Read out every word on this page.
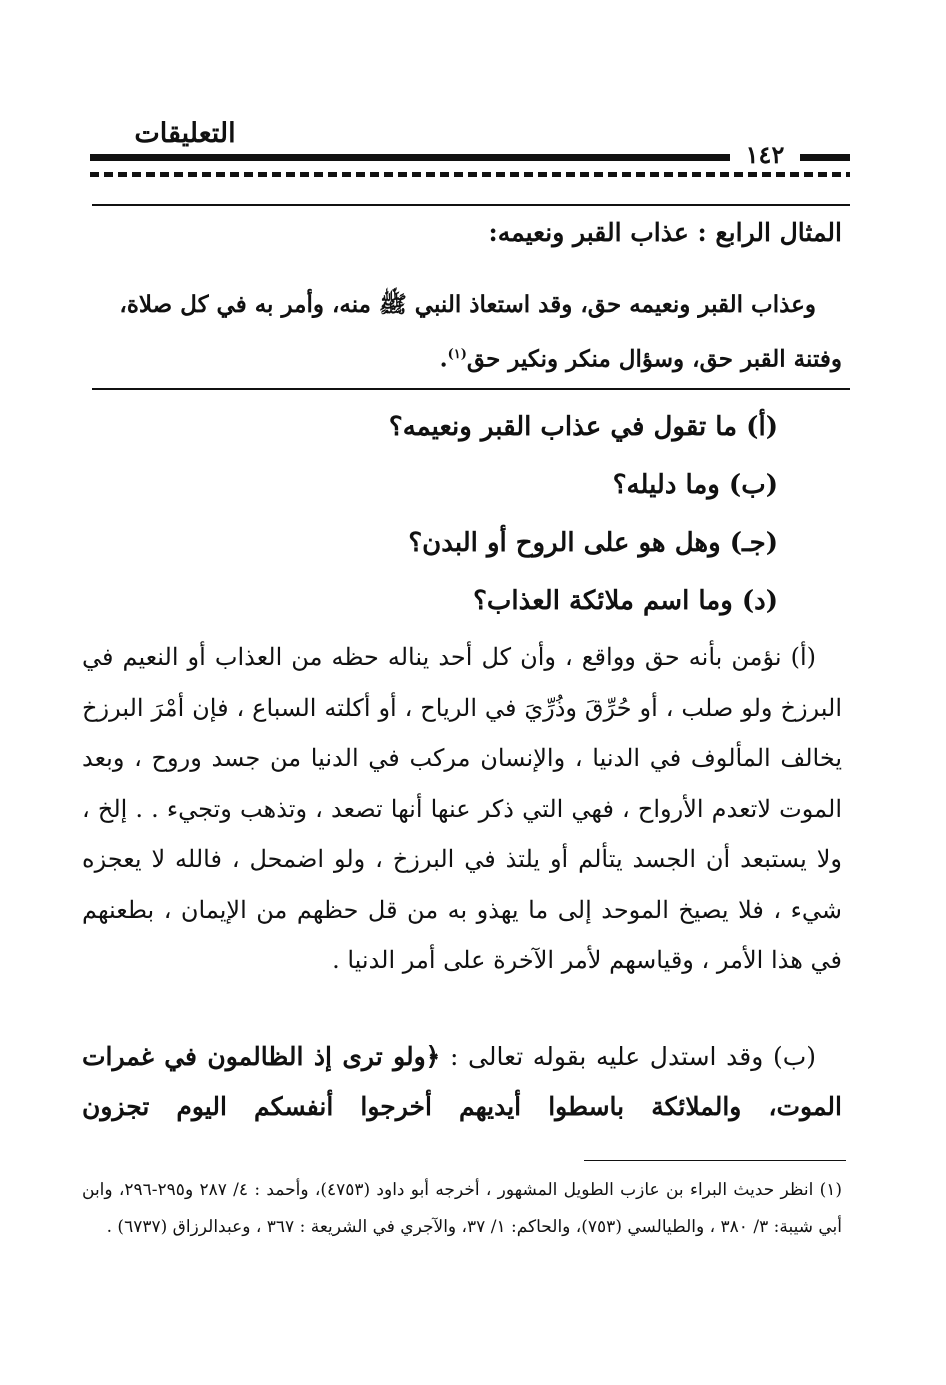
التعليقات
١٤٢
المثال الرابع : عذاب القبر ونعيمه:
وعذاب القبر ونعيمه حق، وقد استعاذ النبي ﷺ منه، وأمر به في كل صلاة،
وفتنة القبر حق، وسؤال منكر ونكير حق$^{(١)}$.
(أ) ما تقول في عذاب القبر ونعيمه؟
(ب) وما دليله؟
(جـ) وهل هو على الروح أو البدن؟
(د) وما اسم ملائكة العذاب؟
(أ) نؤمن بأنه حق وواقع ، وأن كل أحد يناله حظه من العذاب أو النعيم في البرزخ ولو صلب ، أو حُرِّقَ وذُرِّيَ في الرياح ، أو أكلته السباع ، فإن أمْرَ البرزخ يخالف المألوف في الدنيا ، والإنسان مركب في الدنيا من جسد وروح ، وبعد الموت لاتعدم الأرواح ، فهي التي ذكر عنها أنها تصعد ، وتذهب وتجيء . . إلخ ، ولا يستبعد أن الجسد يتألم أو يلتذ في البرزخ ، ولو اضمحل ، فالله لا يعجزه شيء ، فلا يصيخ الموحد إلى ما يهذو به من قل حظهم من الإيمان ، بطعنهم في هذا الأمر ، وقياسهم لأمر الآخرة على أمر الدنيا .
(ب) وقد استدل عليه بقوله تعالى : ﴿ولو ترى إذ الظالمون في غمرات الموت، والملائكة باسطوا أيديهم أخرجوا أنفسكم اليوم تجزون
(١) انظر حديث البراء بن عازب الطويل المشهور ، أخرجه أبو داود (٤٧٥٣)، وأحمد : ٤/ ٢٨٧ و٢٩٥-٢٩٦، وابن أبي شيبة: ٣/ ٣٨٠ ، والطيالسي (٧٥٣)، والحاكم: ١/ ٣٧، والآجري في الشريعة : ٣٦٧ ، وعبدالرزاق (٦٧٣٧) .
